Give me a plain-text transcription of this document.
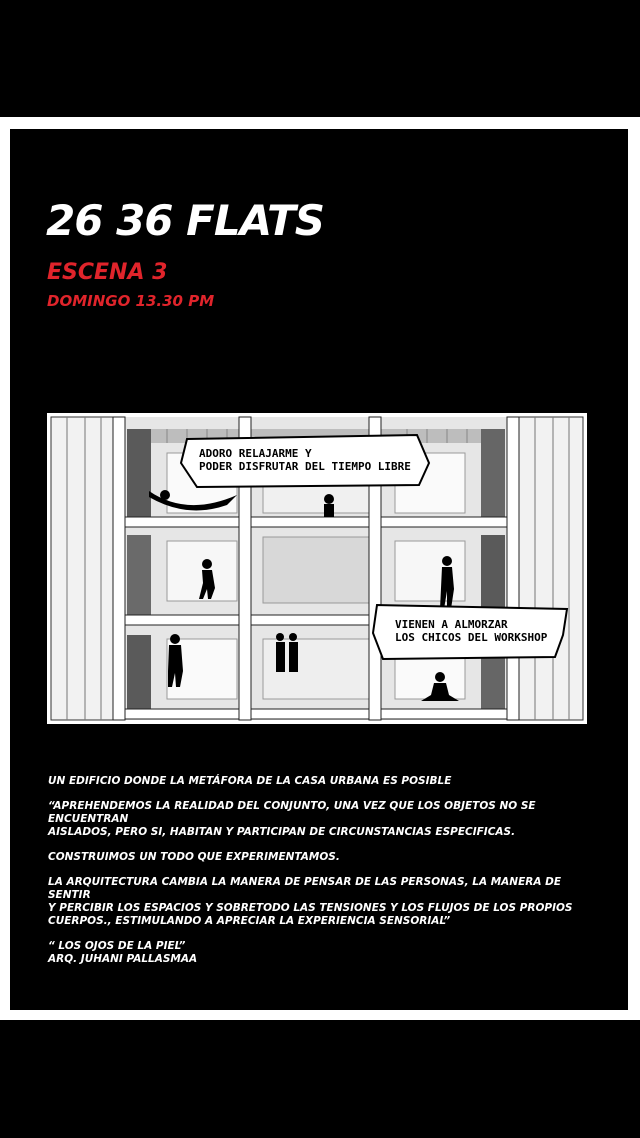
26 36 FLATS
ESCENA 3
DOMINGO 13.30 PM
ADORO RELAJARME Y
PODER DISFRUTAR DEL TIEMPO LIBRE
VIENEN A ALMORZAR
LOS CHICOS DEL WORKSHOP

UN EDIFICIO DONDE LA METÁFORA DE LA CASA URBANA ES POSIBLE

“APREHENDEMOS LA REALIDAD DEL CONJUNTO, UNA VEZ QUE LOS OBJETOS NO SE ENCUENTRAN
AISLADOS, PERO SI, HABITAN Y PARTICIPAN DE CIRCUNSTANCIAS ESPECIFICAS.

CONSTRUIMOS UN TODO QUE EXPERIMENTAMOS.

LA ARQUITECTURA CAMBIA LA MANERA DE PENSAR DE LAS PERSONAS, LA MANERA DE SENTIR
Y PERCIBIR LOS ESPACIOS Y SOBRETODO LAS TENSIONES Y LOS FLUJOS DE LOS PROPIOS
CUERPOS., ESTIMULANDO A APRECIAR LA EXPERIENCIA SENSORIAL”

“ LOS OJOS DE LA PIEL”

ARQ. JUHANI PALLASMAA
